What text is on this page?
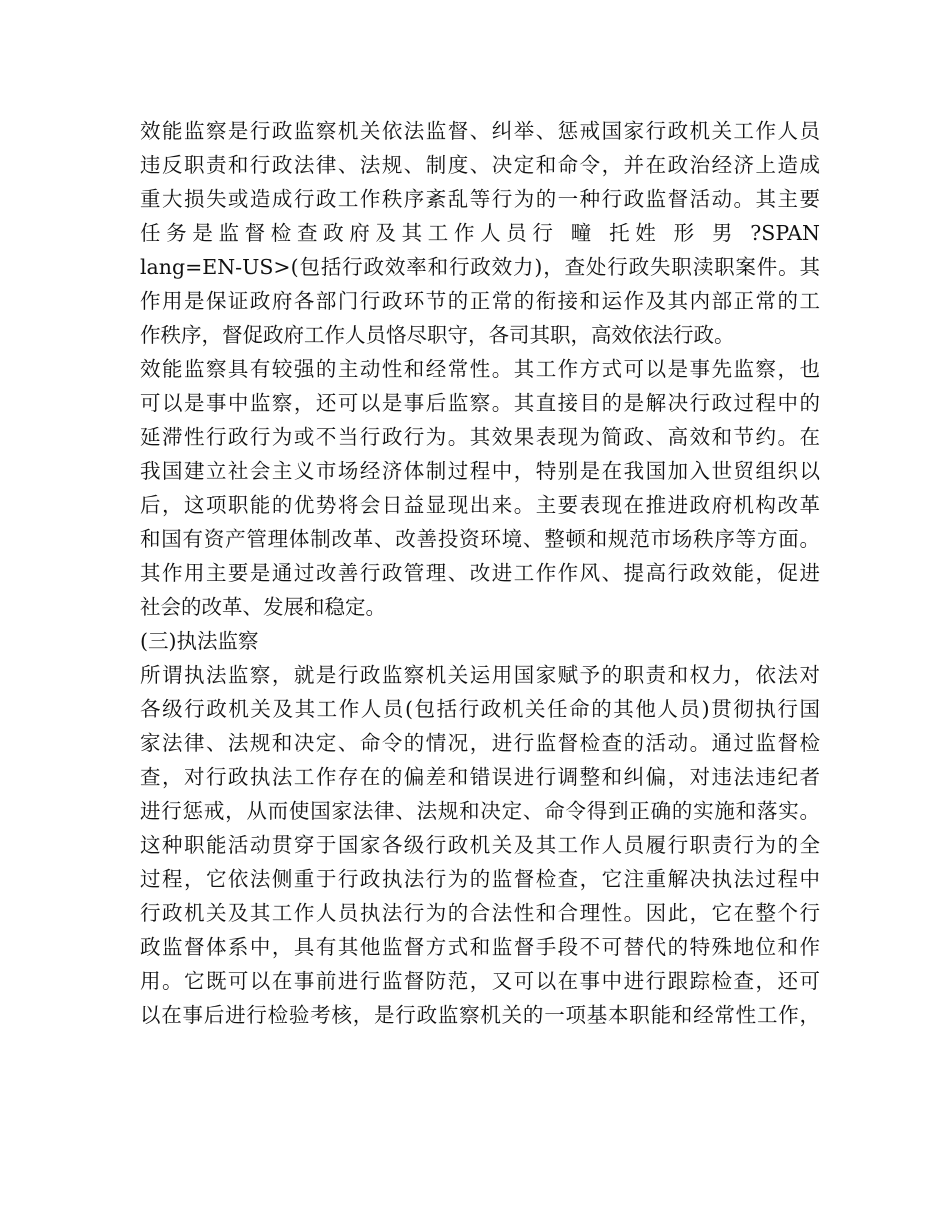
效能监察是行政监察机关依法监督、纠举、惩戒国家行政机关工作人员
违反职责和行政法律、法规、制度、决定和命令，并在政治经济上造成
重大损失或造成行政工作秩序紊乱等行为的一种行政监督活动。其主要
任务是监督检查政府及其工作人员行 疃 托姓 形 男 ?SPAN
lang=EN-US>(包括行政效率和行政效力)，查处行政失职渎职案件。其
作用是保证政府各部门行政环节的正常的衔接和运作及其内部正常的工
作秩序，督促政府工作人员恪尽职守，各司其职，高效依法行政。
效能监察具有较强的主动性和经常性。其工作方式可以是事先监察，也
可以是事中监察，还可以是事后监察。其直接目的是解决行政过程中的
延滞性行政行为或不当行政行为。其效果表现为简政、高效和节约。在
我国建立社会主义市场经济体制过程中，特别是在我国加入世贸组织以
后，这项职能的优势将会日益显现出来。主要表现在推进政府机构改革
和国有资产管理体制改革、改善投资环境、整顿和规范市场秩序等方面。
其作用主要是通过改善行政管理、改进工作作风、提高行政效能，促进
社会的改革、发展和稳定。
(三)执法监察
所谓执法监察，就是行政监察机关运用国家赋予的职责和权力，依法对
各级行政机关及其工作人员(包括行政机关任命的其他人员)贯彻执行国
家法律、法规和决定、命令的情况，进行监督检查的活动。通过监督检
查，对行政执法工作存在的偏差和错误进行调整和纠偏，对违法违纪者
进行惩戒，从而使国家法律、法规和决定、命令得到正确的实施和落实。
这种职能活动贯穿于国家各级行政机关及其工作人员履行职责行为的全
过程，它依法侧重于行政执法行为的监督检查，它注重解决执法过程中
行政机关及其工作人员执法行为的合法性和合理性。因此，它在整个行
政监督体系中，具有其他监督方式和监督手段不可替代的特殊地位和作
用。它既可以在事前进行监督防范，又可以在事中进行跟踪检查，还可
以在事后进行检验考核，是行政监察机关的一项基本职能和经常性工作，
